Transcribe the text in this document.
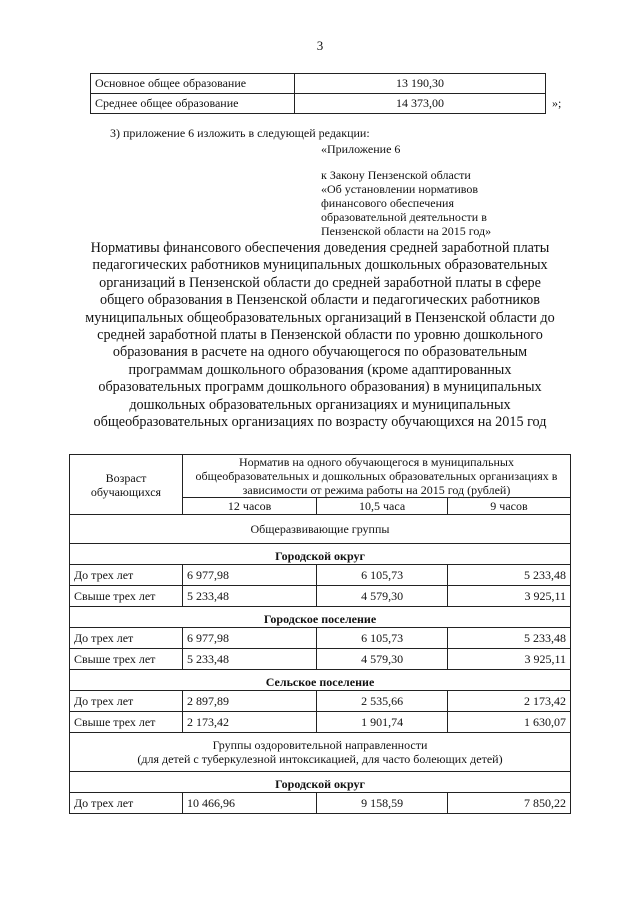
3
Основное общее образование	13 190,30
Среднее общее образование	14 373,00	»;
3) приложение 6 изложить в следующей редакции:
«Приложение 6
к Закону Пензенской области
«Об установлении нормативов
финансового обеспечения
образовательной деятельности в
Пензенской области на 2015 год»
Нормативы финансового обеспечения доведения средней заработной платы педагогических работников муниципальных дошкольных образовательных организаций в Пензенской области до средней заработной платы в сфере общего образования в Пензенской области и педагогических работников муниципальных общеобразовательных организаций в Пензенской области до средней заработной платы в Пензенской области по уровню дошкольного образования в расчете на одного обучающегося по образовательным программам дошкольного образования (кроме адаптированных образовательных программ дошкольного образования) в муниципальных дошкольных образовательных организациях и муниципальных общеобразовательных организациях по возрасту обучающихся на 2015 год
Возраст обучающихся	Норматив на одного обучающегося в муниципальных общеобразовательных и дошкольных образовательных организациях в зависимости от режима работы на 2015 год (рублей)		
	12 часов	10,5 часа	9 часов
Общеразвивающие группы			
Городской округ			
До трех лет	6 977,98	6 105,73	5 233,48
Свыше трех лет	5 233,48	4 579,30	3 925,11
Городское поселение			
До трех лет	6 977,98	6 105,73	5 233,48
Свыше трех лет	5 233,48	4 579,30	3 925,11
Сельское поселение			
До трех лет	2 897,89	2 535,66	2 173,42
Свыше трех лет	2 173,42	1 901,74	1 630,07

Группы оздоровительной направленности
(для детей с туберкулезной интоксикацией, для часто болеющих детей)			

Городской округ			
До трех лет	10 466,96	9 158,59	7 850,22
